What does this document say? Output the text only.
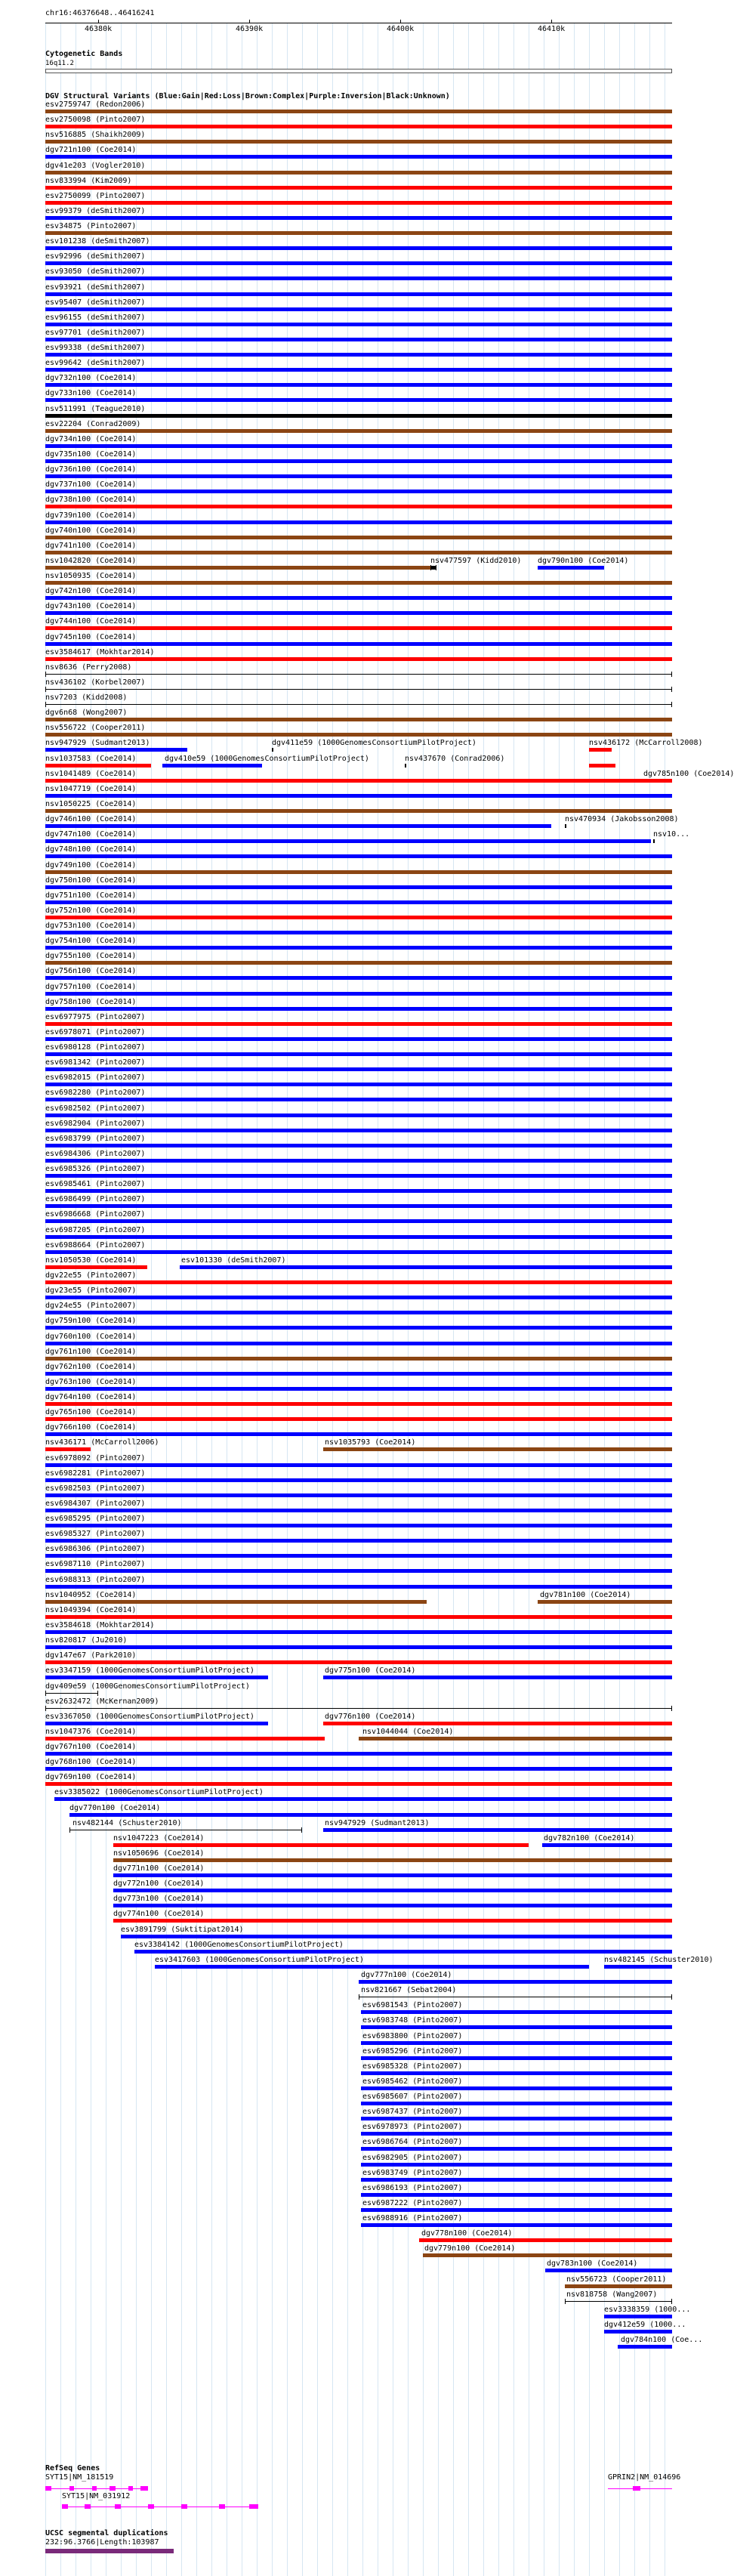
chr16:46376648..46416241
46380k	46390k	46400k	46410k
Cytogenetic Bands
16q11.2
DGV Structural Variants (Blue:Gain|Red:Loss|Brown:Complex|Purple:Inversion|Black:Unknown)
esv2759747 (Redon2006)
esv2750098 (Pinto2007)
nsv516885 (Shaikh2009)
dgv721n100 (Coe2014)
dgv41e203 (Vogler2010)
nsv833994 (Kim2009)
esv2750099 (Pinto2007)
esv99379 (deSmith2007)
esv34875 (Pinto2007)
esv101238 (deSmith2007)
esv92996 (deSmith2007)
esv93050 (deSmith2007)
esv93921 (deSmith2007)
esv95407 (deSmith2007)
esv96155 (deSmith2007)
esv97701 (deSmith2007)
esv99338 (deSmith2007)
esv99642 (deSmith2007)
dgv732n100 (Coe2014)
dgv733n100 (Coe2014)
nsv511991 (Teague2010)
esv22204 (Conrad2009)
dgv734n100 (Coe2014)
dgv735n100 (Coe2014)
dgv736n100 (Coe2014)
dgv737n100 (Coe2014)
dgv738n100 (Coe2014)
dgv739n100 (Coe2014)
dgv740n100 (Coe2014)
dgv741n100 (Coe2014)
nsv1042820 (Coe2014)	nsv477597 (Kidd2010) dgv790n100 (Coe2014)
nsv1050935 (Coe2014)
dgv742n100 (Coe2014)
dgv743n100 (Coe2014)
dgv744n100 (Coe2014)
dgv745n100 (Coe2014)
esv3584617 (Mokhtar2014)
nsv8636 (Perry2008)
nsv436102 (Korbel2007)
nsv7203 (Kidd2008)
dgv6n68 (Wong2007)
nsv556722 (Cooper2011)
nsv947929 (Sudmant2013)	dgv411e59 (1000GenomesConsortiumPilotProject)	nsv436172 (McCarroll2008)
nsv1037583 (Coe2014)	dgv410e59 (1000GenomesConsortiumPilotProject)	nsv437670 (Conrad2006)
nsv1041489 (Coe2014)	dgv785n100 (Coe2014)
nsv1047719 (Coe2014)
nsv1050225 (Coe2014)
dgv746n100 (Coe2014)	nsv470934 (Jakobsson2008)
dgv747n100 (Coe2014)	nsv10...
dgv748n100 (Coe2014)
dgv749n100 (Coe2014)
dgv750n100 (Coe2014)
dgv751n100 (Coe2014)
dgv752n100 (Coe2014)
dgv753n100 (Coe2014)
dgv754n100 (Coe2014)
dgv755n100 (Coe2014)
dgv756n100 (Coe2014)
dgv757n100 (Coe2014)
dgv758n100 (Coe2014)
esv6977975 (Pinto2007)
esv6978071 (Pinto2007)
esv6980128 (Pinto2007)
esv6981342 (Pinto2007)
esv6982015 (Pinto2007)
esv6982280 (Pinto2007)
esv6982502 (Pinto2007)
esv6982904 (Pinto2007)
esv6983799 (Pinto2007)
esv6984306 (Pinto2007)
esv6985326 (Pinto2007)
esv6985461 (Pinto2007)
esv6986499 (Pinto2007)
esv6986668 (Pinto2007)
esv6987205 (Pinto2007)
esv6988664 (Pinto2007)
nsv1050530 (Coe2014)	esv101330 (deSmith2007)
dgv22e55 (Pinto2007)
dgv23e55 (Pinto2007)
dgv24e55 (Pinto2007)
dgv759n100 (Coe2014)
dgv760n100 (Coe2014)
dgv761n100 (Coe2014)
dgv762n100 (Coe2014)
dgv763n100 (Coe2014)
dgv764n100 (Coe2014)
dgv765n100 (Coe2014)
dgv766n100 (Coe2014)
nsv436171 (McCarroll2006)	nsv1035793 (Coe2014)
esv6978092 (Pinto2007)
esv6982281 (Pinto2007)
esv6982503 (Pinto2007)
esv6984307 (Pinto2007)
esv6985295 (Pinto2007)
esv6985327 (Pinto2007)
esv6986306 (Pinto2007)
esv6987110 (Pinto2007)
esv6988313 (Pinto2007)
nsv1040952 (Coe2014)	dgv781n100 (Coe2014)
nsv1049394 (Coe2014)
esv3584618 (Mokhtar2014)
nsv820817 (Ju2010)
dgv147e67 (Park2010)
esv3347159 (1000GenomesConsortiumPilotProject)	dgv775n100 (Coe2014)
dgv409e59 (1000GenomesConsortiumPilotProject)
esv2632472 (McKernan2009)
esv3367050 (1000GenomesConsortiumPilotProject)	dgv776n100 (Coe2014)
nsv1047376 (Coe2014)	nsv1044044 (Coe2014)
dgv767n100 (Coe2014)
dgv768n100 (Coe2014)
dgv769n100 (Coe2014)
esv3385022 (1000GenomesConsortiumPilotProject)
dgv770n100 (Coe2014)
nsv482144 (Schuster2010)	nsv947929 (Sudmant2013)
nsv1047223 (Coe2014)	dgv782n100 (Coe2014)
nsv1050696 (Coe2014)
dgv771n100 (Coe2014)
dgv772n100 (Coe2014)
dgv773n100 (Coe2014)
dgv774n100 (Coe2014)
esv3891799 (Suktitipat2014)
esv3384142 (1000GenomesConsortiumPilotProject)
esv3417603 (1000GenomesConsortiumPilotProject)	nsv482145 (Schuster2010)
dgv777n100 (Coe2014)
nsv821667 (Sebat2004)
esv6981543 (Pinto2007)
esv6983748 (Pinto2007)
esv6983800 (Pinto2007)
esv6985296 (Pinto2007)
esv6985328 (Pinto2007)
esv6985462 (Pinto2007)
esv6985607 (Pinto2007)
esv6987437 (Pinto2007)
esv6978973 (Pinto2007)
esv6986764 (Pinto2007)
esv6982905 (Pinto2007)
esv6983749 (Pinto2007)
esv6986193 (Pinto2007)
esv6987222 (Pinto2007)
esv6988916 (Pinto2007)
dgv778n100 (Coe2014)
dgv779n100 (Coe2014)
dgv783n100 (Coe2014)
nsv556723 (Cooper2011)
nsv818758 (Wang2007)
esv3338359 (1000...
dgv412e59 (1000...
dgv784n100 (Coe...
RefSeq Genes
SYT15|NM_181519
SYT15|NM_031912
GPRIN2|NM_014696
UCSC segmental duplications
232:96.3766|Length:103987
